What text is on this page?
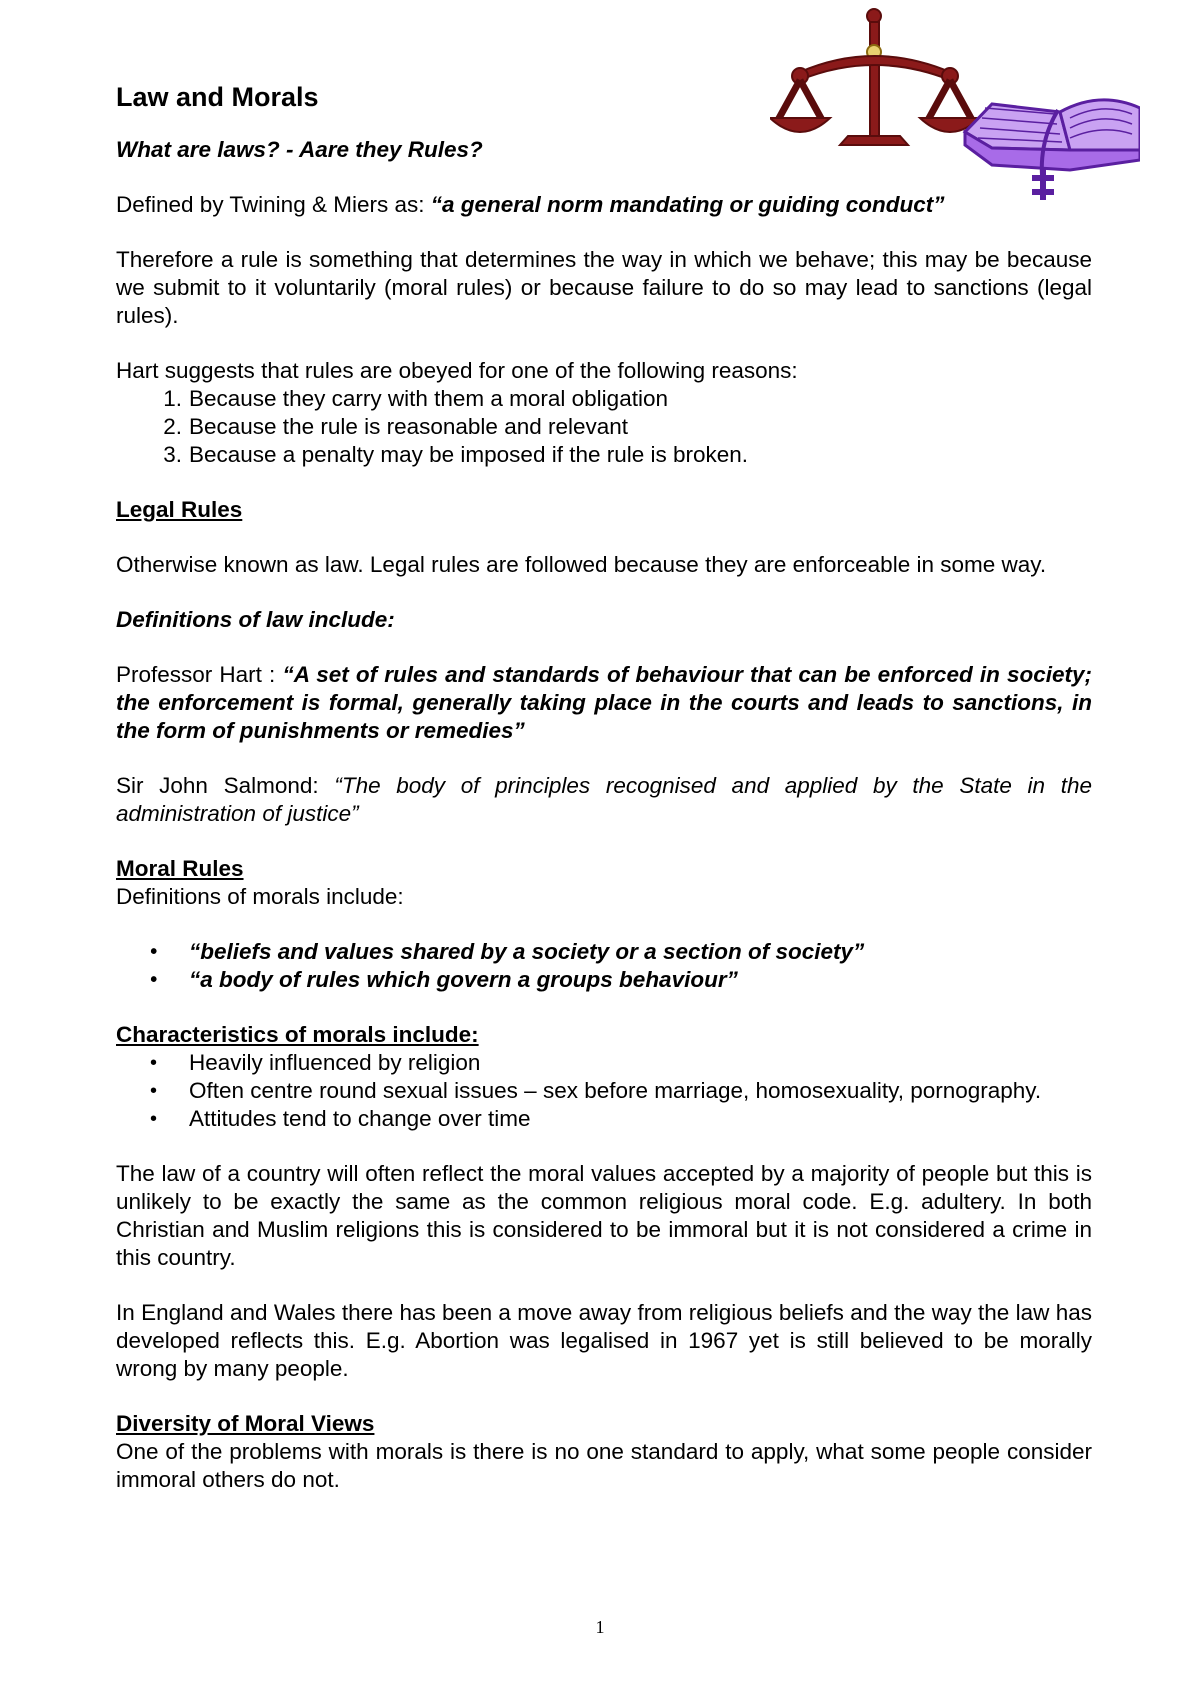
Law and Morals

What are laws? - Aare they Rules?

Defined by Twining & Miers as: “a general norm mandating or guiding conduct”

Therefore a rule is something that determines the way in which we behave; this may be because we submit to it voluntarily (moral rules) or because failure to do so may lead to sanctions (legal rules).

Hart suggests that rules are obeyed for one of the following reasons:
1. Because they carry with them a moral obligation
2. Because the rule is reasonable and relevant
3. Because a penalty may be imposed if the rule is broken.
Legal Rules

Otherwise known as law. Legal rules are followed because they are enforceable in some way.

Definitions of law include:

Professor Hart : “A set of rules and standards of behaviour that can be enforced in society; the enforcement is formal, generally taking place in the courts and leads to sanctions, in the form of punishments or remedies”

Sir John Salmond: “The body of principles recognised and applied by the State in the administration of justice”

Moral Rules
Definitions of morals include:
• “beliefs and values shared by a society or a section of society”
• “a body of rules which govern a groups behaviour”
Characteristics of morals include:
• Heavily influenced by religion
• Often centre round sexual issues – sex before marriage, homosexuality, pornography.
• Attitudes tend to change over time

The law of a country will often reflect the moral values accepted by a majority of people but this is unlikely to be exactly the same as the common religious moral code. E.g. adultery. In both Christian and Muslim religions this is considered to be immoral but it is not considered a crime in this country.

In England and Wales there has been a move away from religious beliefs and the way the law has developed reflects this. E.g. Abortion was legalised in 1967 yet is still believed to be morally wrong by many people.

Diversity of Moral Views

One of the problems with morals is there is no one standard to apply, what some people consider immoral others do not.

1
